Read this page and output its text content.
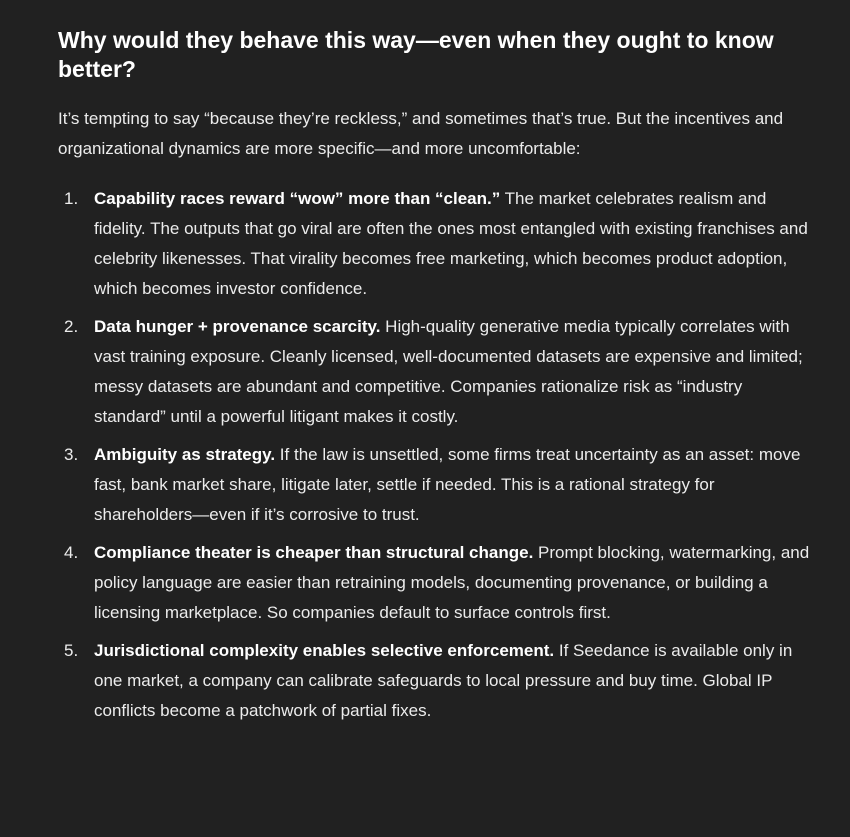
Why would they behave this way—even when they ought to know better?

It’s tempting to say “because they’re reckless,” and sometimes that’s true. But the incentives and organizational dynamics are more specific—and more uncomfortable:

1. Capability races reward “wow” more than “clean.” The market celebrates realism and fidelity. The outputs that go viral are often the ones most entangled with existing franchises and celebrity likenesses. That virality becomes free marketing, which becomes product adoption, which becomes investor confidence.
2. Data hunger + provenance scarcity. High-quality generative media typically correlates with vast training exposure. Cleanly licensed, well-documented datasets are expensive and limited; messy datasets are abundant and competitive. Companies rationalize risk as “industry standard” until a powerful litigant makes it costly.
3. Ambiguity as strategy. If the law is unsettled, some firms treat uncertainty as an asset: move fast, bank market share, litigate later, settle if needed. This is a rational strategy for shareholders—even if it’s corrosive to trust.
4. Compliance theater is cheaper than structural change. Prompt blocking, watermarking, and policy language are easier than retraining models, documenting provenance, or building a licensing marketplace. So companies default to surface controls first.
5. Jurisdictional complexity enables selective enforcement. If Seedance is available only in one market, a company can calibrate safeguards to local pressure and buy time. Global IP conflicts become a patchwork of partial fixes.
